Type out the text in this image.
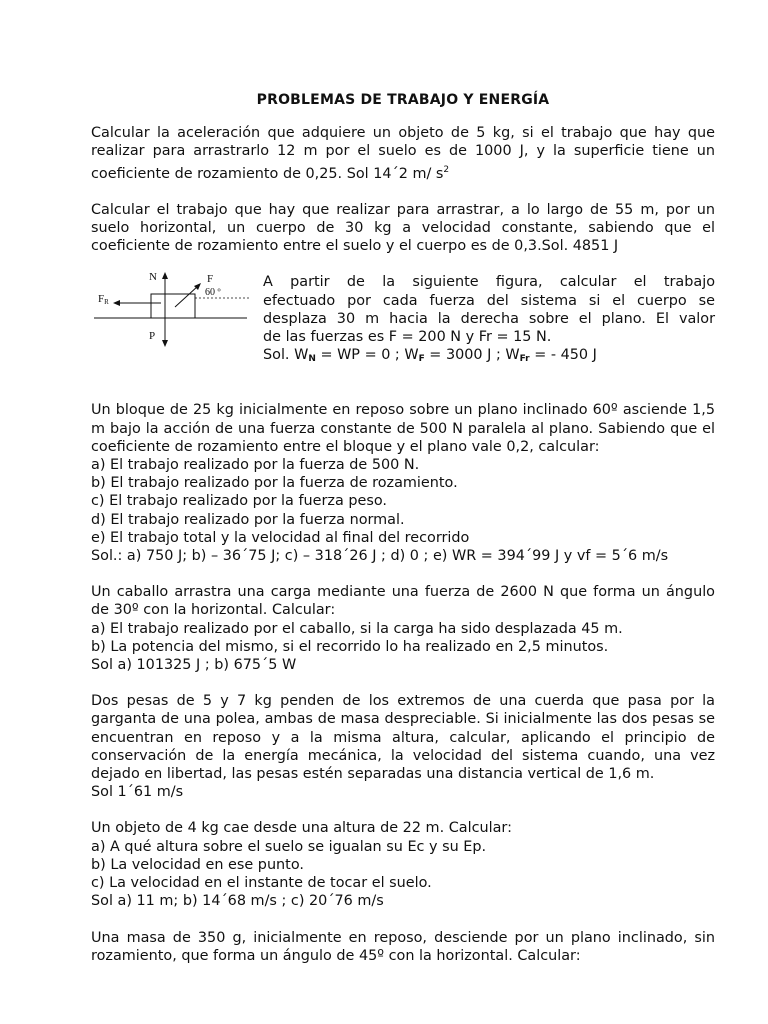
PROBLEMAS DE TRABAJO Y ENERGÍA
Calcular la aceleración que adquiere un objeto de 5 kg, si el trabajo que hay que realizar para arrastrarlo 12 m por el suelo es de 1000 J, y la superficie tiene un coeficiente de rozamiento de 0,25. Sol 14´2 m/ $s^2$
Calcular el trabajo que hay que realizar para arrastrar, a lo largo de 55 m, por un suelo horizontal, un cuerpo de 30 kg a velocidad constante, sabiendo que el coeficiente de rozamiento entre el suelo y el cuerpo es de 0,3.Sol. 4851 J
N	F
FR
60 º
P
A partir de la siguiente figura, calcular el trabajo
efectuado por cada fuerza del sistema si el cuerpo se
desplaza 30 m hacia la derecha sobre el plano. El valor
de las fuerzas es F = 200 N y Fr = 15 N.
Sol. $W_N$ = WP = 0 ; $W_F = 3000$ J ; $W_{Fr}$ = - 450 J
Un bloque de 25 kg inicialmente en reposo sobre un plano inclinado 60º asciende 1,5 m bajo la acción de una fuerza constante de 500 N paralela al plano. Sabiendo que el coeficiente de rozamiento entre el bloque y el plano vale 0,2, calcular:
a) El trabajo realizado por la fuerza de 500 N.
b) El trabajo realizado por la fuerza de rozamiento.
c) El trabajo realizado por la fuerza peso.
d) El trabajo realizado por la fuerza normal.
e) El trabajo total y la velocidad al final del recorrido
Sol.: a) 750 J; b) – 36´75 J; c) – 318´26 J ; d) 0 ; e) WR = 394´99 J y vf = 5´6 m/s
Un caballo arrastra una carga mediante una fuerza de 2600 N que forma un ángulo de 30º con la horizontal. Calcular:
a) El trabajo realizado por el caballo, si la carga ha sido desplazada 45 m.
b) La potencia del mismo, si el recorrido lo ha realizado en 2,5 minutos.
Sol a) 101325 J ; b) 675´5 W
Dos pesas de 5 y 7 kg penden de los extremos de una cuerda que pasa por la garganta de una polea, ambas de masa despreciable. Si inicialmente las dos pesas se encuentran en reposo y a la misma altura, calcular, aplicando el principio de conservación de la energía mecánica, la velocidad del sistema cuando, una vez dejado en libertad, las pesas estén separadas una distancia vertical de 1,6 m.
Sol 1´61 m/s
Un objeto de 4 kg cae desde una altura de 22 m. Calcular:
a) A qué altura sobre el suelo se igualan su Ec y su Ep.
b) La velocidad en ese punto.
c) La velocidad en el instante de tocar el suelo.
Sol a) 11 m; b) 14´68 m/s ; c) 20´76 m/s
Una masa de 350 g, inicialmente en reposo, desciende por un plano inclinado, sin rozamiento, que forma un ángulo de 45º con la horizontal. Calcular:
